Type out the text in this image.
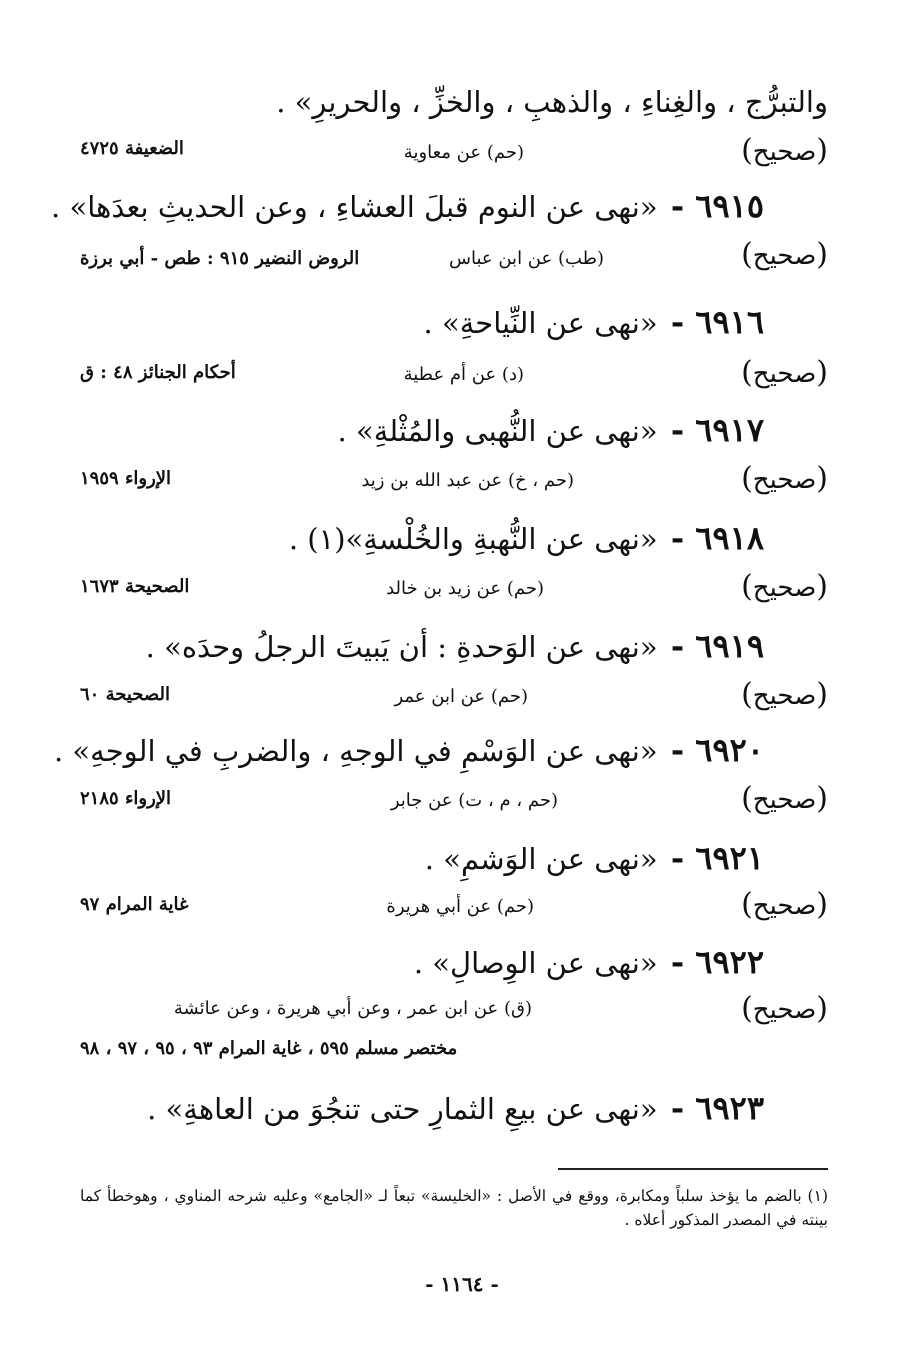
والتبرُّج ، والغِناءِ ، والذهبِ ، والخزِّ ، والحريرِ» .
(صحيح)
(حم) عن معاوية
الضعيفة ٤٧٢٥
٦٩١٥ - «نهى عن النوم قبلَ العشاءِ ، وعن الحديثِ بعدَها» .
(صحيح)
(طب) عن ابن عباس
الروض النضير ٩١٥ : طص - أبي برزة
٦٩١٦ - «نهى عن النِّياحةِ» .
(صحيح)
(د) عن أم عطية
أحكام الجنائز ٤٨ : ق
٦٩١٧ - «نهى عن النُّهبى والمُثْلةِ» .
(صحيح)
(حم ، خ) عن عبد الله بن زيد
الإرواء ١٩٥٩
٦٩١٨ - «نهى عن النُّهبةِ والخُلْسةِ»(١) .
(صحيح)
(حم) عن زيد بن خالد
الصحيحة ١٦٧٣
٦٩١٩ - «نهى عن الوَحدةِ : أن يَبيتَ الرجلُ وحدَه» .
(صحيح)
(حم) عن ابن عمر
الصحيحة ٦٠
٦٩٢٠ - «نهى عن الوَسْمِ في الوجهِ ، والضربِ في الوجهِ» .
(صحيح)
(حم ، م ، ت) عن جابر
الإرواء ٢١٨٥
٦٩٢١ - «نهى عن الوَشمِ» .
(صحيح)
(حم) عن أبي هريرة
غاية المرام ٩٧
٦٩٢٢ - «نهى عن الوِصالِ» .
(صحيح)
(ق) عن ابن عمر ، وعن أبي هريرة ، وعن عائشة
مختصر مسلم ٥٩٥ ، غاية المرام ٩٣ ، ٩٥ ، ٩٧ ، ٩٨
٦٩٢٣ - «نهى عن بيعِ الثمارِ حتى تنجُوَ من العاهةِ» .
(١) بالضم ما يؤخذ سلباً ومكابرة، ووقع في الأصل : «الخليسة» تبعاً لـ «الجامع» وعليه شرحه المناوي ، وهوخطأ كما بينته في المصدر المذكور أعلاه .
- ١١٦٤ -
